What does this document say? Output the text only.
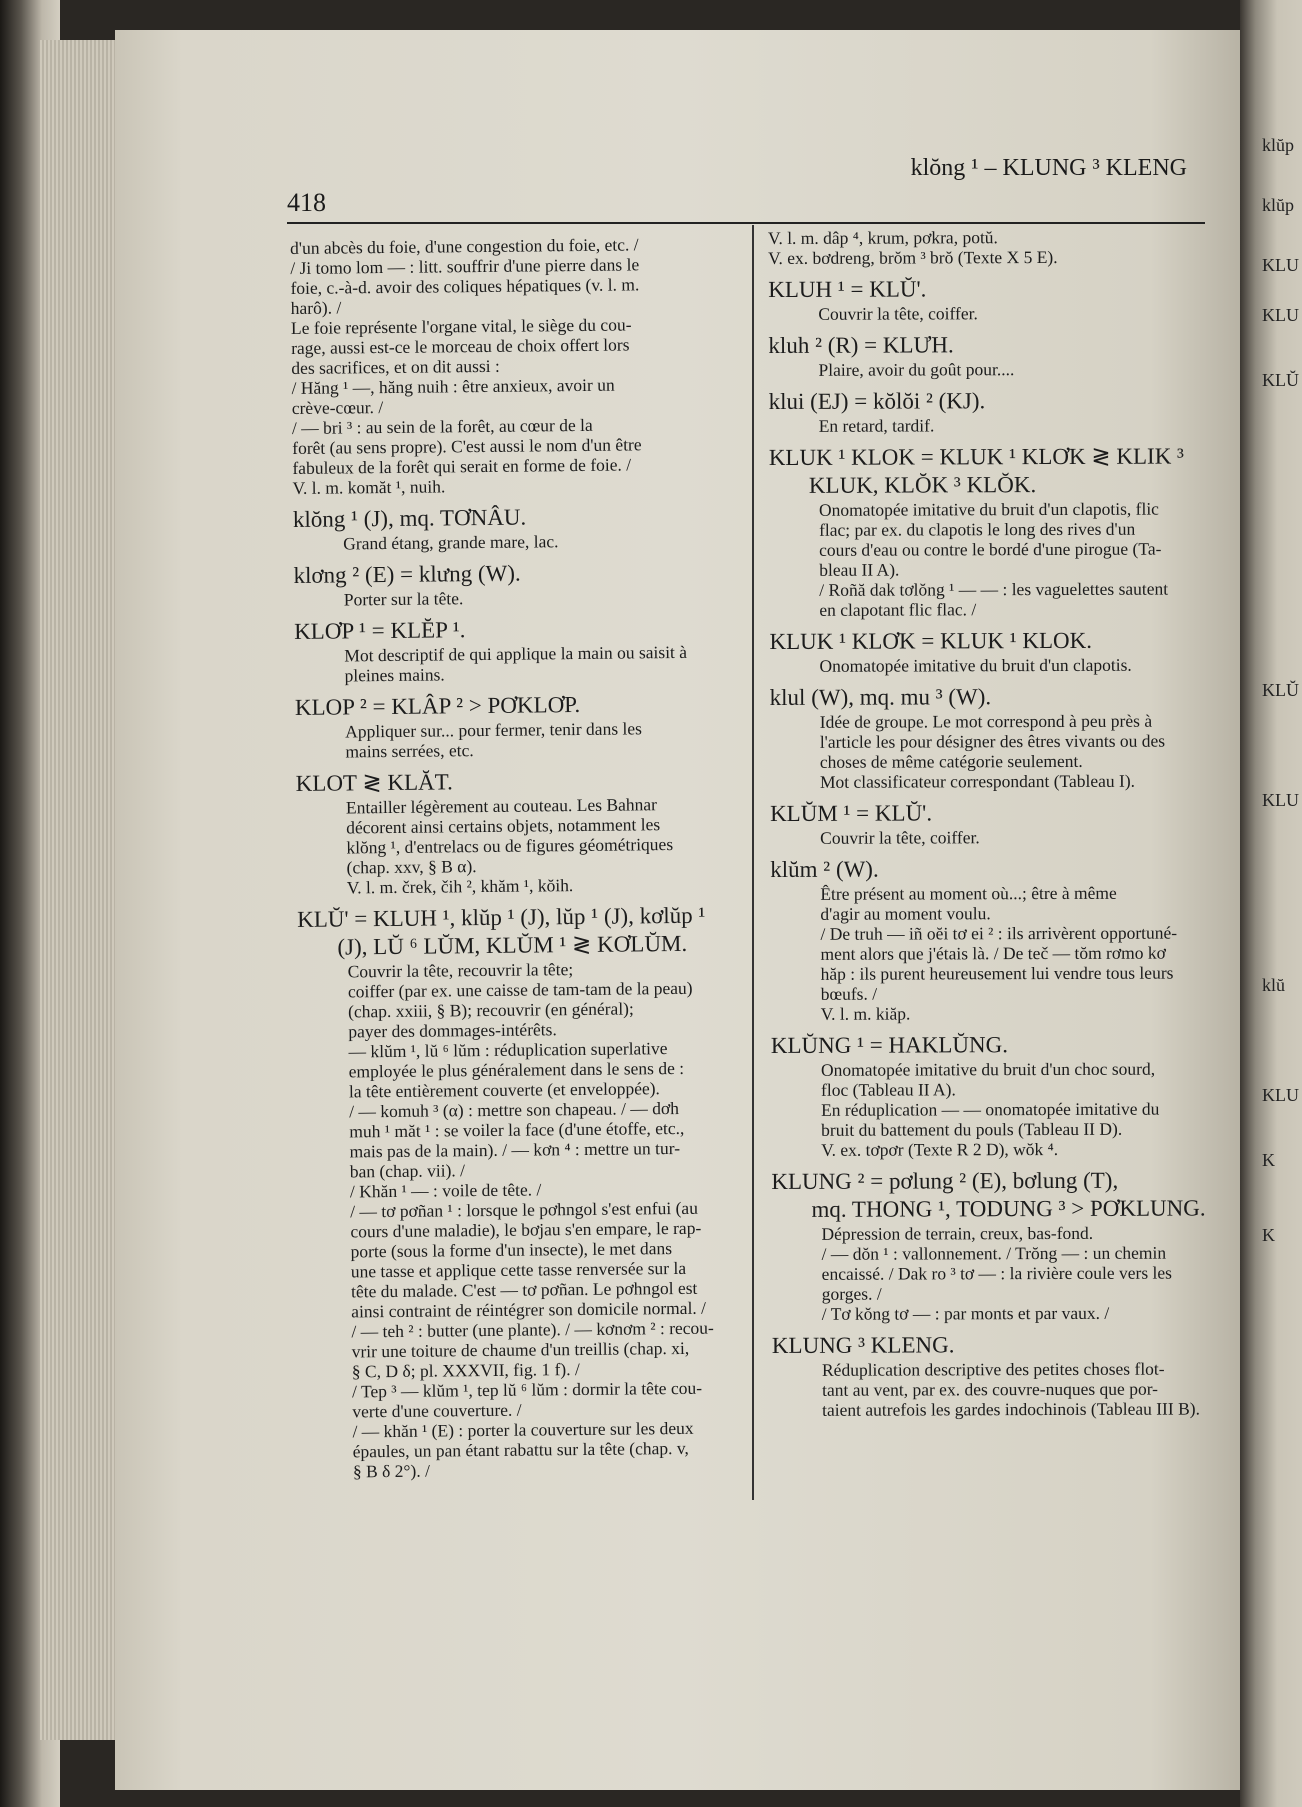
klŭp
klŭp
KLU
KLU
KLŬ
KLŬ
KLU
klŭ
KLU
K
K
klŏng ¹ – KLUNG ³ KLENG
418
d'un abcès du foie, d'une congestion du foie, etc. /
/ Ji tomo lom — : litt. souffrir d'une pierre dans le
foie, c.-à-d. avoir des coliques hépatiques (v. l. m.
harô). /
Le foie représente l'organe vital, le siège du cou-
rage, aussi est-ce le morceau de choix offert lors
des sacrifices, et on dit aussi :
/ Hăng ¹ —, hăng nuih : être anxieux, avoir un
crève-cœur. /
/ — bri ³ : au sein de la forêt, au cœur de la
forêt (au sens propre). C'est aussi le nom d'un être
fabuleux de la forêt qui serait en forme de foie. /
V. l. m. komăt ¹, nuih.
klŏng ¹ (J), mq. TƠNÂU.
Grand étang, grande mare, lac.
klơng ² (E) = klưng (W).
Porter sur la tête.
KLƠP ¹ = KLĔP ¹.
Mot descriptif de qui applique la main ou saisit à
pleines mains.
KLOP ² = KLÂP ² > PƠKLƠP.
Appliquer sur... pour fermer, tenir dans les
mains serrées, etc.
KLOT ≷ KLĂT.
Entailler légèrement au couteau. Les Bahnar
décorent ainsi certains objets, notamment les
klŏng ¹, d'entrelacs ou de figures géométriques
(chap. xxv, § B α).
V. l. m. črek, čih ², khăm ¹, kŏih.
KLŬ' = KLUH ¹, klŭp ¹ (J), lŭp ¹ (J), kơlŭp ¹
(J), LŬ ⁶ LŬM, KLŬM ¹ ≷ KƠLŬM.
Couvrir la tête, recouvrir la tête;
coiffer (par ex. une caisse de tam-tam de la peau)
(chap. xxiii, § B); recouvrir (en général);
payer des dommages-intérêts.
— klŭm ¹, lŭ ⁶ lŭm : réduplication superlative
employée le plus généralement dans le sens de :
la tête entièrement couverte (et enveloppée).
/ — komuh ³ (α) : mettre son chapeau. / — dơh
muh ¹ măt ¹ : se voiler la face (d'une étoffe, etc.,
mais pas de la main). / — kơn ⁴ : mettre un tur-
ban (chap. vii). /
/ Khăn ¹ — : voile de tête. /
/ — tơ pơñan ¹ : lorsque le pơhngol s'est enfui (au
cours d'une maladie), le bơjau s'en empare, le rap-
porte (sous la forme d'un insecte), le met dans
une tasse et applique cette tasse renversée sur la
tête du malade. C'est — tơ pơñan. Le pơhngol est
ainsi contraint de réintégrer son domicile normal. /
/ — teh ² : butter (une plante). / — kơnơm ² : recou-
vrir une toiture de chaume d'un treillis (chap. xi,
§ C, D δ; pl. XXXVII, fig. 1 f). /
/ Tep ³ — klŭm ¹, tep lŭ ⁶ lŭm : dormir la tête cou-
verte d'une couverture. /
/ — khăn ¹ (E) : porter la couverture sur les deux
épaules, un pan étant rabattu sur la tête (chap. v,
§ B δ 2°). /
V. l. m. dâp ⁴, krum, pơkra, potŭ.
V. ex. bơdreng, brŏm ³ brŏ (Texte X 5 E).
KLUH ¹ = KLŬ'.
Couvrir la tête, coiffer.
kluh ² (R) = KLƯH.
Plaire, avoir du goût pour....
klui (EJ) = kŏlŏi ² (KJ).
En retard, tardif.
KLUK ¹ KLOK = KLUK ¹ KLƠK ≷ KLIK ³
KLUK, KLŎK ³ KLŎK.
Onomatopée imitative du bruit d'un clapotis, flic
flac; par ex. du clapotis le long des rives d'un
cours d'eau ou contre le bordé d'une pirogue (Ta-
bleau II A).
/ Roñă dak tơlŏng ¹ — — : les vaguelettes sautent
en clapotant flic flac. /
KLUK ¹ KLƠK = KLUK ¹ KLOK.
Onomatopée imitative du bruit d'un clapotis.
klul (W), mq. mu ³ (W).
Idée de groupe. Le mot correspond à peu près à
l'article les pour désigner des êtres vivants ou des
choses de même catégorie seulement.
Mot classificateur correspondant (Tableau I).
KLŬM ¹ = KLŬ'.
Couvrir la tête, coiffer.
klŭm ² (W).
Être présent au moment où...; être à même
d'agir au moment voulu.
/ De truh — iñ oĕi tơ ei ² : ils arrivèrent opportuné-
ment alors que j'étais là. / De teč — tŏm rơmo kơ
hăp : ils purent heureusement lui vendre tous leurs
bœufs. /
V. l. m. kiăp.
KLŬNG ¹ = HAKLŬNG.
Onomatopée imitative du bruit d'un choc sourd,
floc (Tableau II A).
En réduplication — — onomatopée imitative du
bruit du battement du pouls (Tableau II D).
V. ex. tơpơr (Texte R 2 D), wŏk ⁴.
KLUNG ² = pơlung ² (E), bơlung (T),
mq. THONG ¹, TODUNG ³ > PƠKLUNG.
Dépression de terrain, creux, bas-fond.
/ — dŏn ¹ : vallonnement. / Trŏng — : un chemin
encaissé. / Dak ro ³ tơ — : la rivière coule vers les
gorges. /
/ Tơ kŏng tơ — : par monts et par vaux. /
KLUNG ³ KLENG.
Réduplication descriptive des petites choses flot-
tant au vent, par ex. des couvre-nuques que por-
taient autrefois les gardes indochinois (Tableau III B).
